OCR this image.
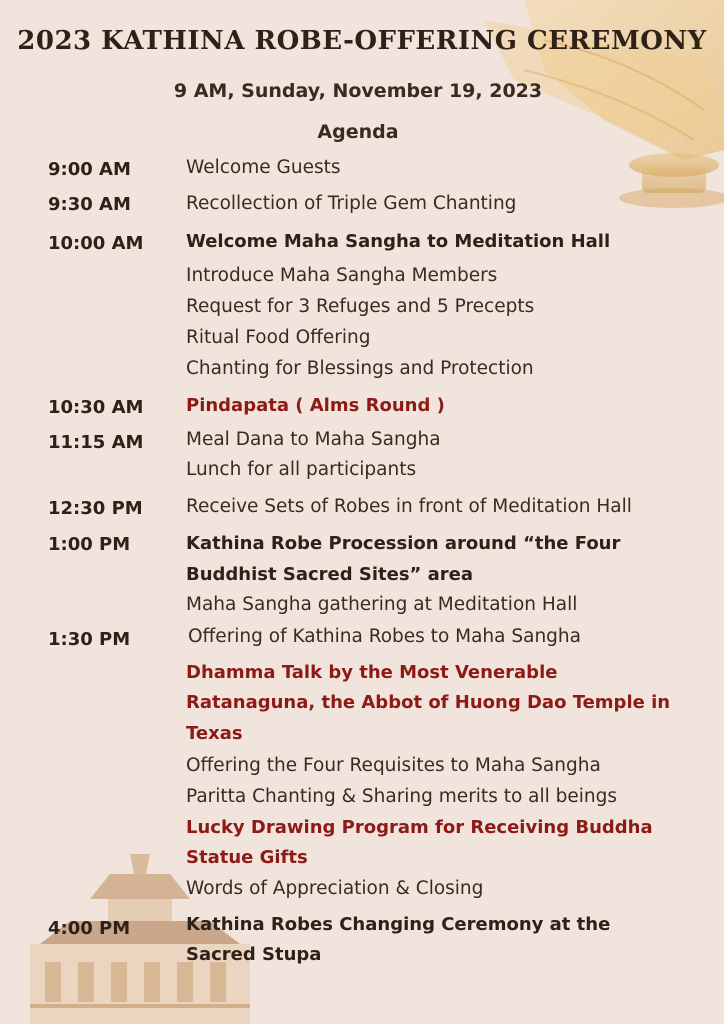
2023 KATHINA ROBE-OFFERING CEREMONY
9 AM, Sunday, November 19, 2023
Agenda
9:00 AM	Welcome Guests
9:30 AM	Recollection of Triple Gem Chanting
10:00 AM Welcome Maha Sangha to Meditation Hall
Introduce Maha Sangha Members
Request for 3 Refuges and 5 Precepts
Ritual Food Offering
Chanting for Blessings and Protection
10:30 AM Pindapata ( Alms Round )
11:15 AM Meal Dana to Maha Sangha
Lunch for all participants
12:30 PM Receive Sets of Robes in front of Meditation Hall
1:00 PM	Kathina Robe Procession around “the Four
Buddhist Sacred Sites” area
Maha Sangha gathering at Meditation Hall
1:30 PM	Offering of Kathina Robes to Maha Sangha
Dhamma Talk by the Most Venerable
Ratanaguna, the Abbot of Huong Dao Temple in
Texas
Offering the Four Requisites to Maha Sangha
Paritta Chanting & Sharing merits to all beings
Lucky Drawing Program for Receiving Buddha
Statue Gifts
Words of Appreciation & Closing
4:00 PM	Kathina Robes Changing Ceremony at the
Sacred Stupa
